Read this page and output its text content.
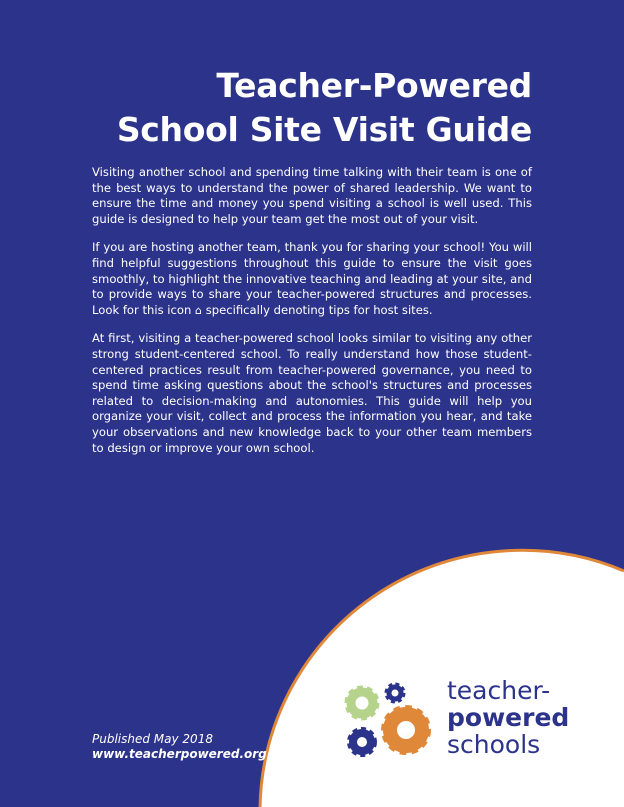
Teacher-Powered
School Site Visit Guide

Visiting another school and spending time talking with their team is one of the best ways to understand the power of shared leadership. We want to ensure the time and money you spend visiting a school is well used. This guide is designed to help your team get the most out of your visit.

If you are hosting another team, thank you for sharing your school! You will find helpful suggestions throughout this guide to ensure the visit goes smoothly, to highlight the innovative teaching and leading at your site, and to provide ways to share your teacher-powered structures and processes. Look for this icon ⌂ specifically denoting tips for host sites.

At first, visiting a teacher-powered school looks similar to visiting any other strong student-centered school. To really understand how those student-centered practices result from teacher-powered governance, you need to spend time asking questions about the school's structures and processes related to decision-making and autonomies. This guide will help you organize your visit, collect and process the information you hear, and take your observations and new knowledge back to your other team members to design or improve your own school.

Published May 2018
www.teacherpowered.org
teacher-
powered
schools
